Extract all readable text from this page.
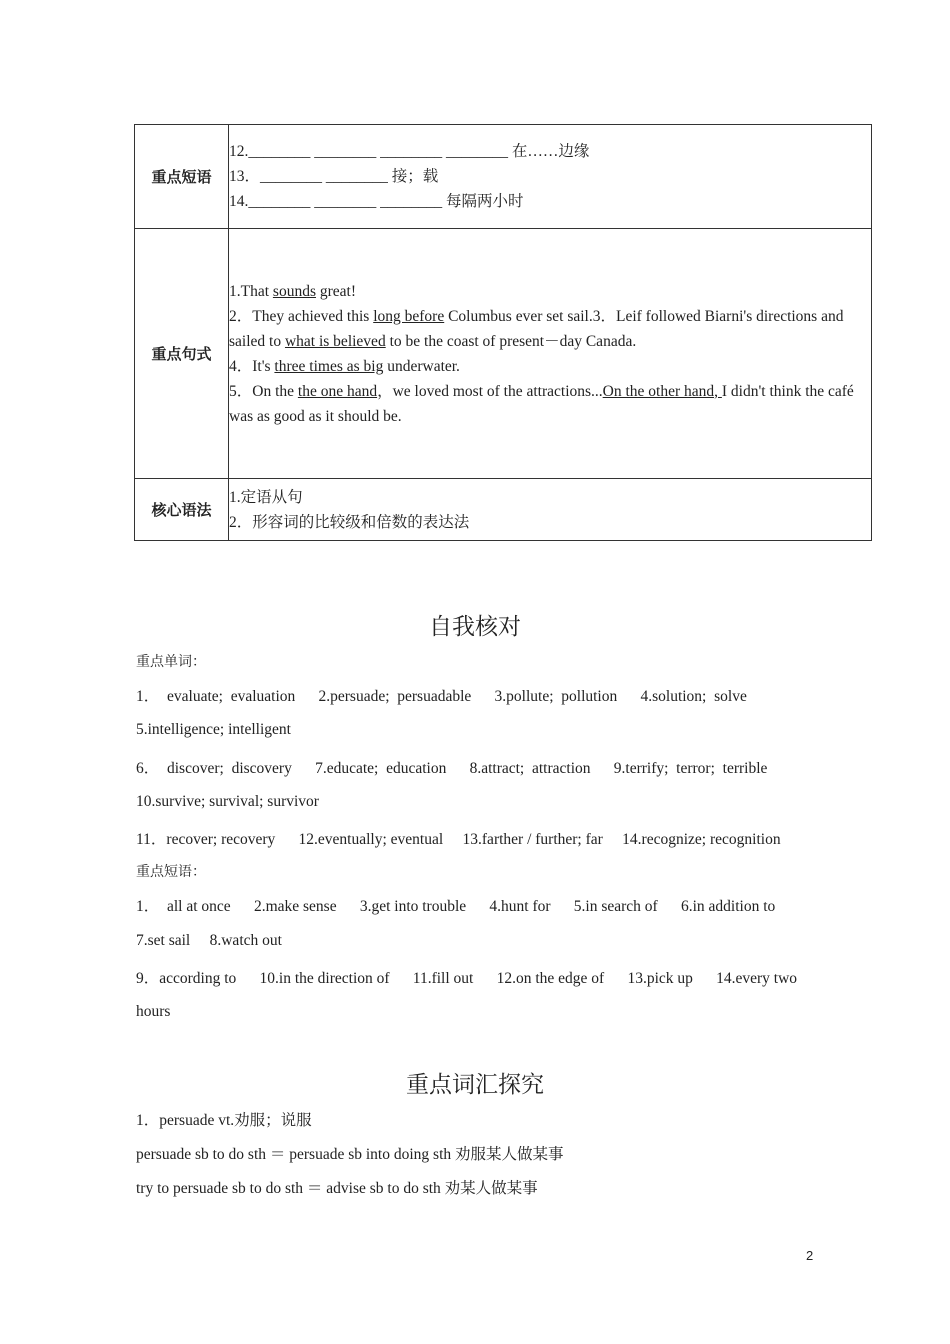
重点短语	12.________ ________ ________ ________ 在……边缘
13．________ ________ 接；载
14.________ ________ ________ 每隔两小时

重点句式	1.That sounds great!
2．They achieved this long before Columbus ever set sail.3．Leif followed Biarni's directions and sailed to what is believed to be the coast of present－day Canada.
4．It's three times as big underwater.
5．On the the one hand，we loved most of the attractions...On the other hand, I didn't think the café was as good as it should be.

核心语法	1.定语从句
2．形容词的比较级和倍数的表达法
自我核对

重点单词：

1．  evaluate;  evaluation      2.persuade;  persuadable      3.pollute;  pollution      4.solution;  solve

5.intelligence; intelligent

6．  discover;  discovery      7.educate;  education      8.attract;  attraction      9.terrify;  terror;  terrible

10.survive; survival; survivor

11．recover; recovery      12.eventually; eventual     13.farther / further; far     14.recognize; recognition

重点短语：

1．  all at once      2.make sense      3.get into trouble      4.hunt for      5.in search of      6.in addition to

7.set sail     8.watch out

9．according to      10.in the direction of      11.fill out      12.on the edge of      13.pick up      14.every two

hours

重点词汇探究

1．persuade vt.劝服；说服

persuade sb to do sth ＝ persuade sb into doing sth 劝服某人做某事

try to persuade sb to do sth ＝ advise sb to do sth 劝某人做某事

2
